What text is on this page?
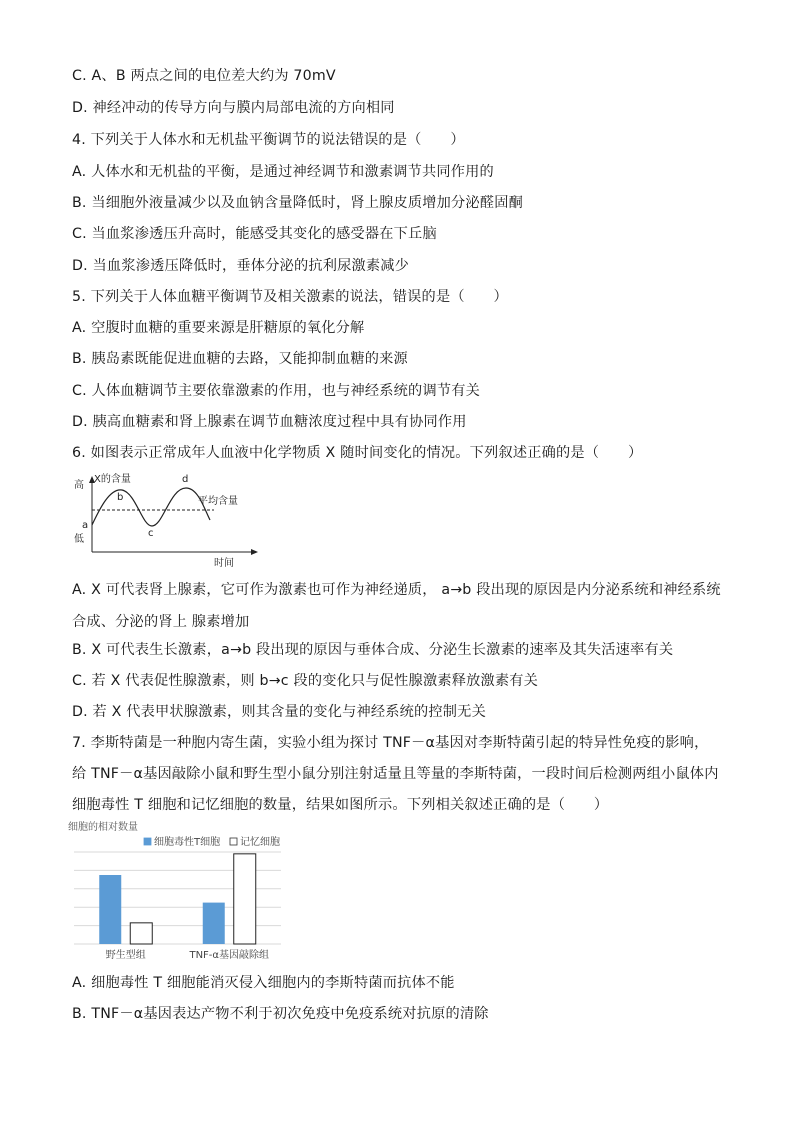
C. A、B 两点之间的电位差大约为 70mV
D. 神经冲动的传导方向与膜内局部电流的方向相同
4. 下列关于人体水和无机盐平衡调节的说法错误的是（　　）
A. 人体水和无机盐的平衡，是通过神经调节和激素调节共同作用的
B. 当细胞外液量减少以及血钠含量降低时，肾上腺皮质增加分泌醛固酮
C. 当血浆渗透压升高时，能感受其变化的感受器在下丘脑
D. 当血浆渗透压降低时，垂体分泌的抗利尿激素减少
5. 下列关于人体血糖平衡调节及相关激素的说法，错误的是（　　）
A. 空腹时血糖的重要来源是肝糖原的氧化分解
B. 胰岛素既能促进血糖的去路，又能抑制血糖的来源
C. 人体血糖调节主要依靠激素的作用，也与神经系统的调节有关
D. 胰高血糖素和肾上腺素在调节血糖浓度过程中具有协同作用
6. 如图表示正常成年人血液中化学物质 X 随时间变化的情况。下列叙述正确的是（　　）
X的含量
高
低
a
b
c
d
平均含量
时间
A. X 可代表肾上腺素，它可作为激素也可作为神经递质， a→b 段出现的原因是内分泌系统和神经系统合成、分泌的肾上 腺素增加
B. X 可代表生长激素，a→b 段出现的原因与垂体合成、分泌生长激素的速率及其失活速率有关
C. 若 X 代表促性腺激素，则 b→c 段的变化只与促性腺激素释放激素有关
D. 若 X 代表甲状腺激素，则其含量的变化与神经系统的控制无关
7. 李斯特菌是一种胞内寄生菌，实验小组为探讨 TNF－α基因对李斯特菌引起的特异性免疫的影响，给 TNF－α基因敲除小鼠和野生型小鼠分别注射适量且等量的李斯特菌，一段时间后检测两组小鼠体内细胞毒性 T 细胞和记忆细胞的数量，结果如图所示。下列相关叙述正确的是（　　）
细胞的相对数量
细胞毒性T细胞 记忆细胞
野生型组	TNF-α基因敲除组
A. 细胞毒性 T 细胞能消灭侵入细胞内的李斯特菌而抗体不能
B. TNF－α基因表达产物不利于初次免疫中免疫系统对抗原的清除
